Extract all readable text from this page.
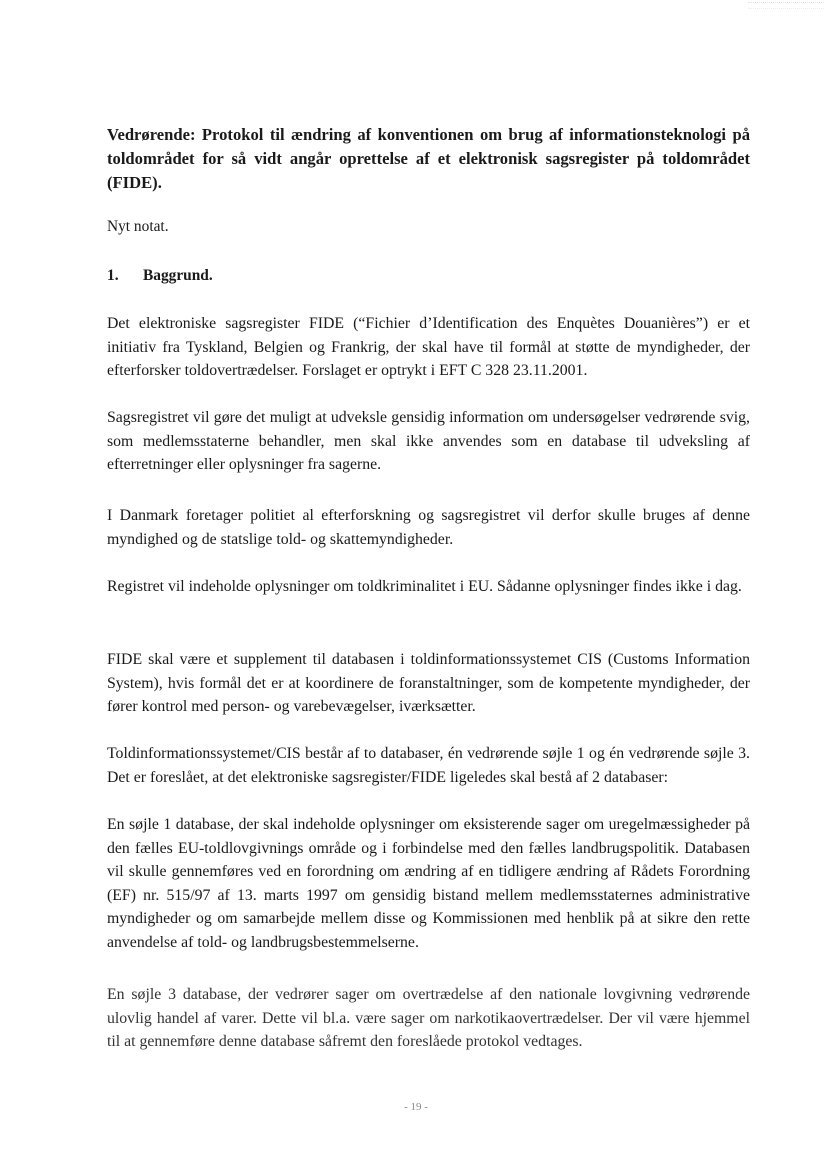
Vedrørende: Protokol til ændring af konventionen om brug af informationsteknologi på toldområdet for så vidt angår oprettelse af et elektronisk sagsregister på toldområdet (FIDE).
Nyt notat.
1. Baggrund.

Det elektroniske sagsregister FIDE (“Fichier d’Identification des Enquètes Douanières”) er et initiativ fra Tyskland, Belgien og Frankrig, der skal have til formål at støtte de myndigheder, der efterforsker toldovertrædelser. Forslaget er optrykt i EFT C 328 23.11.2001.

Sagsregistret vil gøre det muligt at udveksle gensidig information om undersøgelser vedrørende svig, som medlemsstaterne behandler, men skal ikke anvendes som en database til udveksling af efterretninger eller oplysninger fra sagerne.

I Danmark foretager politiet al efterforskning og sagsregistret vil derfor skulle bruges af denne myndighed og de statslige told- og skattemyndigheder.

Registret vil indeholde oplysninger om toldkriminalitet i EU. Sådanne oplysninger findes ikke i dag.

FIDE skal være et supplement til databasen i toldinformationssystemet CIS (Customs Information System), hvis formål det er at koordinere de foranstaltninger, som de kompetente myndigheder, der fører kontrol med person- og varebevægelser, iværksætter.

Toldinformationssystemet/CIS består af to databaser, én vedrørende søjle 1 og én vedrørende søjle 3. Det er foreslået, at det elektroniske sagsregister/FIDE ligeledes skal bestå af 2 databaser:

En søjle 1 database, der skal indeholde oplysninger om eksisterende sager om uregelmæssigheder på den fælles EU-toldlovgivnings område og i forbindelse med den fælles landbrugspolitik. Databasen vil skulle gennemføres ved en forordning om ændring af en tidligere ændring af Rådets Forordning (EF) nr. 515/97 af 13. marts 1997 om gensidig bistand mellem medlemsstaternes administrative myndigheder og om samarbejde mellem disse og Kommissionen med henblik på at sikre den rette anvendelse af told- og landbrugsbestemmelserne.

En søjle 3 database, der vedrører sager om overtrædelse af den nationale lovgivning vedrørende ulovlig handel af varer. Dette vil bl.a. være sager om narkotikaovertrædelser. Der vil være hjemmel til at gennemføre denne database såfremt den foreslåede protokol vedtages.

- 19 -
